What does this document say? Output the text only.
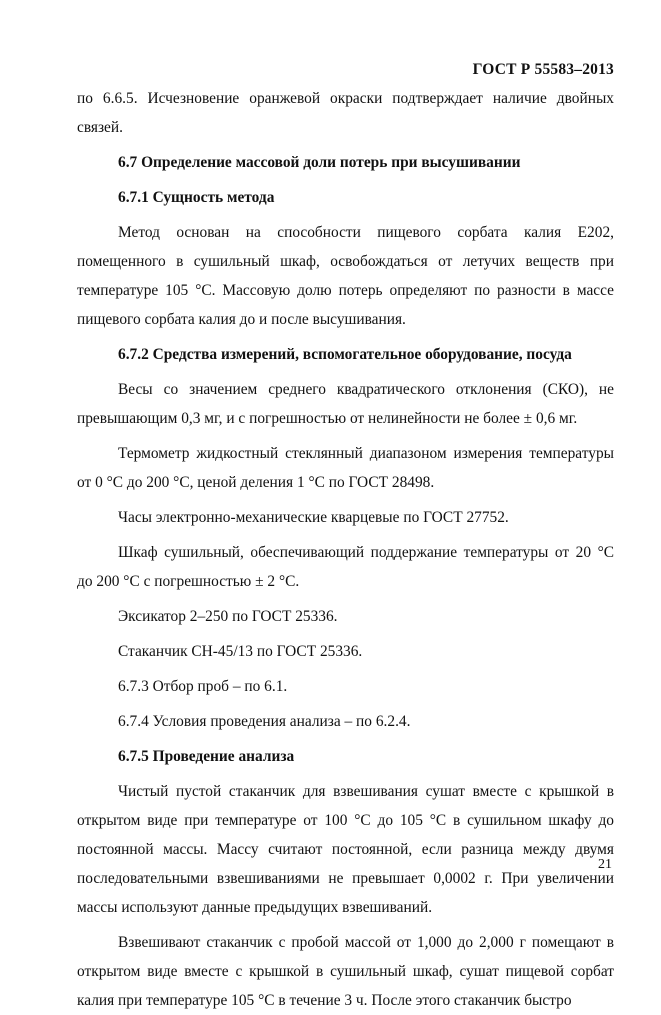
ГОСТ Р 55583–2013

по 6.6.5. Исчезновение оранжевой окраски подтверждает наличие двойных связей.

6.7 Определение массовой доли потерь при высушивании

6.7.1 Сущность метода

Метод основан на способности пищевого сорбата калия Е202, помещенного в сушильный шкаф, освобождаться от летучих веществ при температуре 105 °С. Массовую долю потерь определяют по разности в массе пищевого сорбата калия до и после высушивания.

6.7.2 Средства измерений, вспомогательное оборудование, посуда

Весы со значением среднего квадратического отклонения (СКО), не превышающим 0,3 мг, и с погрешностью от нелинейности не более ± 0,6 мг.

Термометр жидкостный стеклянный диапазоном измерения температуры от 0 °С до 200 °С, ценой деления 1 °С по ГОСТ 28498.

Часы электронно-механические кварцевые по ГОСТ 27752.

Шкаф сушильный, обеспечивающий поддержание температуры от 20 °С до 200 °С с погрешностью ± 2 °С.

Эксикатор 2–250 по ГОСТ 25336.

Стаканчик СН-45/13 по ГОСТ 25336.

6.7.3 Отбор проб – по 6.1.

6.7.4 Условия проведения анализа – по 6.2.4.

6.7.5 Проведение анализа

Чистый пустой стаканчик для взвешивания сушат вместе с крышкой в открытом виде при температуре от 100 °С до 105 °С в сушильном шкафу до постоянной массы. Массу считают постоянной, если разница между двумя последовательными взвешиваниями не превышает 0,0002 г. При увеличении массы используют данные предыдущих взвешиваний.

Взвешивают стаканчик с пробой массой от 1,000 до 2,000 г помещают в открытом виде вместе с крышкой в сушильный шкаф, сушат пищевой сорбат калия при температуре 105 °С в течение 3 ч. После этого стаканчик быстро

21
